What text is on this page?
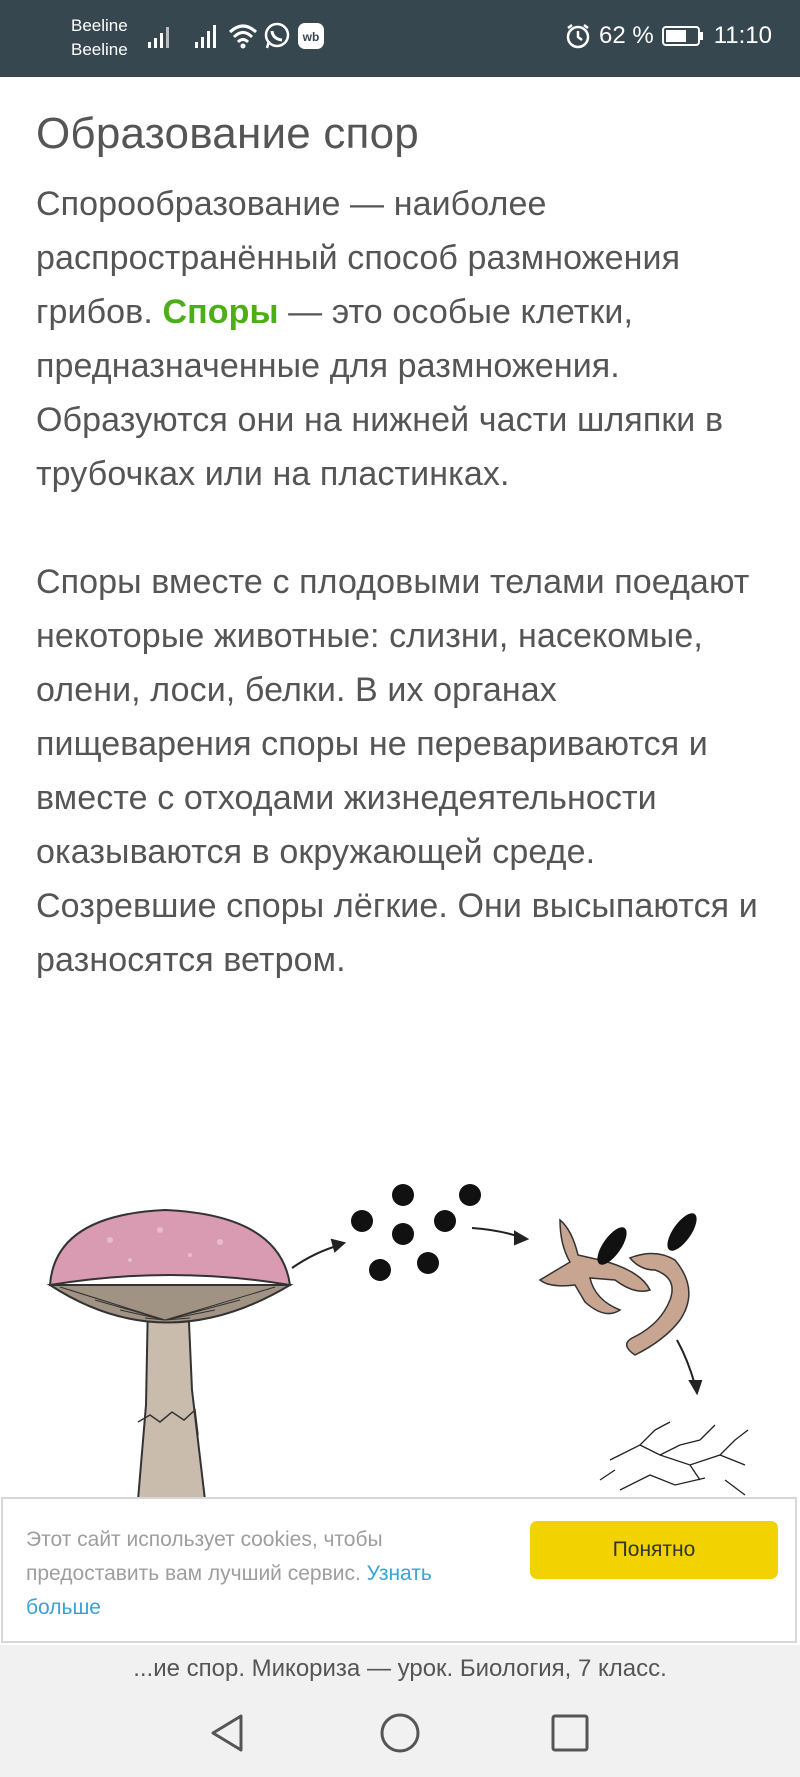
Beeline
Beeline
wb	62 %	11:10
Образование спор

Спорообразование — наиболее распространённый способ размножения грибов. Споры — это особые клетки, предназначенные для размножения. Образуются они на нижней части шляпки в трубочках или на пластинках.

Споры вместе с плодовыми телами поедают некоторые животные: слизни, насекомые, олени, лоси, белки. В их органах пищеварения споры не перевариваются и вместе с отходами жизнедеятельности оказываются в окружающей среде. Созревшие споры лёгкие. Они высыпаются и разносятся ветром.

Этот сайт использует cookies, чтобы предоставить вам лучший сервис. Узнать больше
Понятно
...ие спор. Микориза — урок. Биология, 7 класс.
